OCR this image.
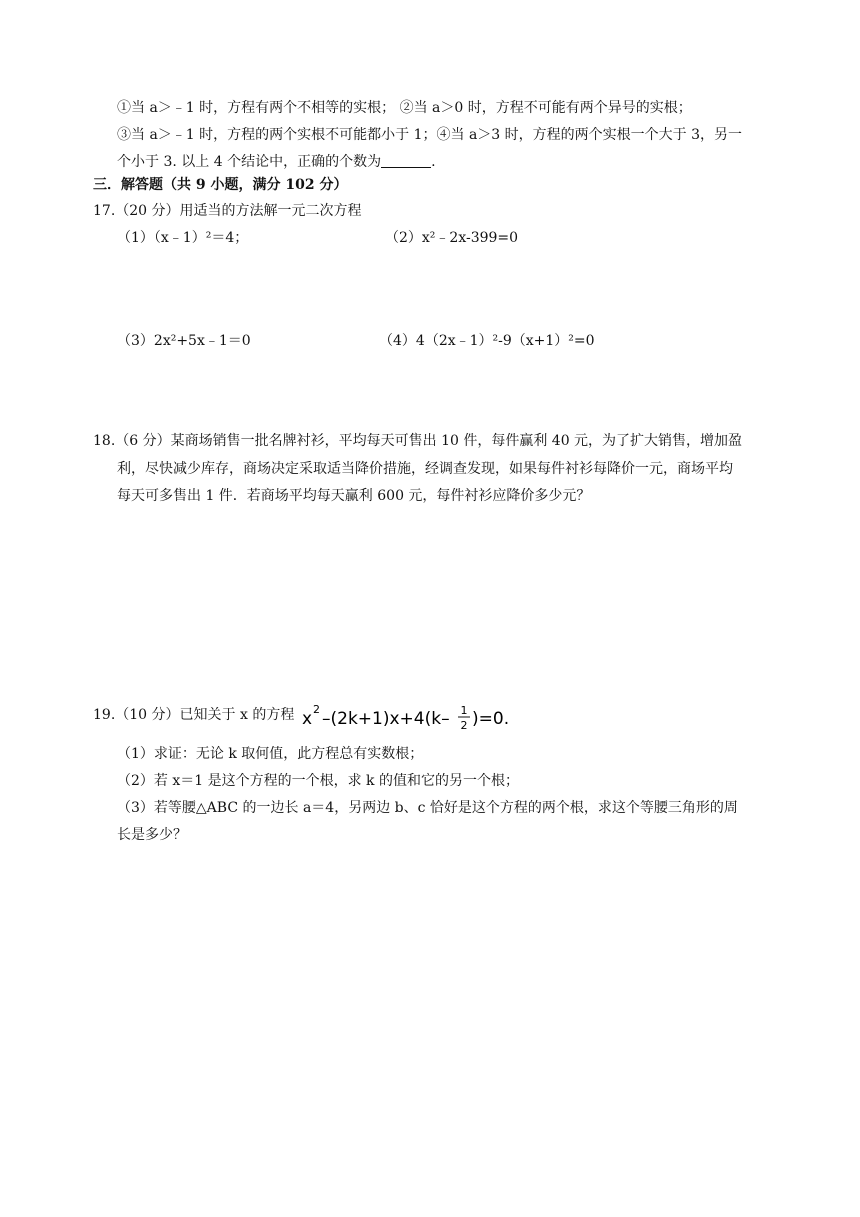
①当 a＞﹣1 时，方程有两个不相等的实根； ②当 a＞0 时，方程不可能有两个异号的实根；
③当 a＞﹣1 时，方程的两个实根不可能都小于 1；④当 a＞3 时，方程的两个实根一个大于 3，另一
个小于 3. 以上 4 个结论中，正确的个数为	.
三．解答题（共 9 小题，满分 102 分）
17.（20 分）用适当的方法解一元二次方程
（1）（x﹣1）²＝4；	（2）x²﹣2x-399=0
（3）2x²+5x﹣1＝0	（4）4（2x﹣1）²-9（x+1）²=0
18.（6 分）某商场销售一批名牌衬衫，平均每天可售出 10 件，每件赢利 40 元，为了扩大销售，增加盈
利，尽快减少库存，商场决定采取适当降价措施，经调查发现，如果每件衬衫每降价一元，商场平均
每天可多售出 1 件．若商场平均每天赢利 600 元，每件衬衫应降价多少元？
19.（10 分）已知关于 x 的方程 x 2 –(2k+1)x+4(k– 1
2 )=0.
（1）求证：无论 k 取何值，此方程总有实数根；
（2）若 x＝1 是这个方程的一个根，求 k 的值和它的另一个根；
（3）若等腰△ABC 的一边长 a＝4，另两边 b、c 恰好是这个方程的两个根，求这个等腰三角形的周
长是多少？
